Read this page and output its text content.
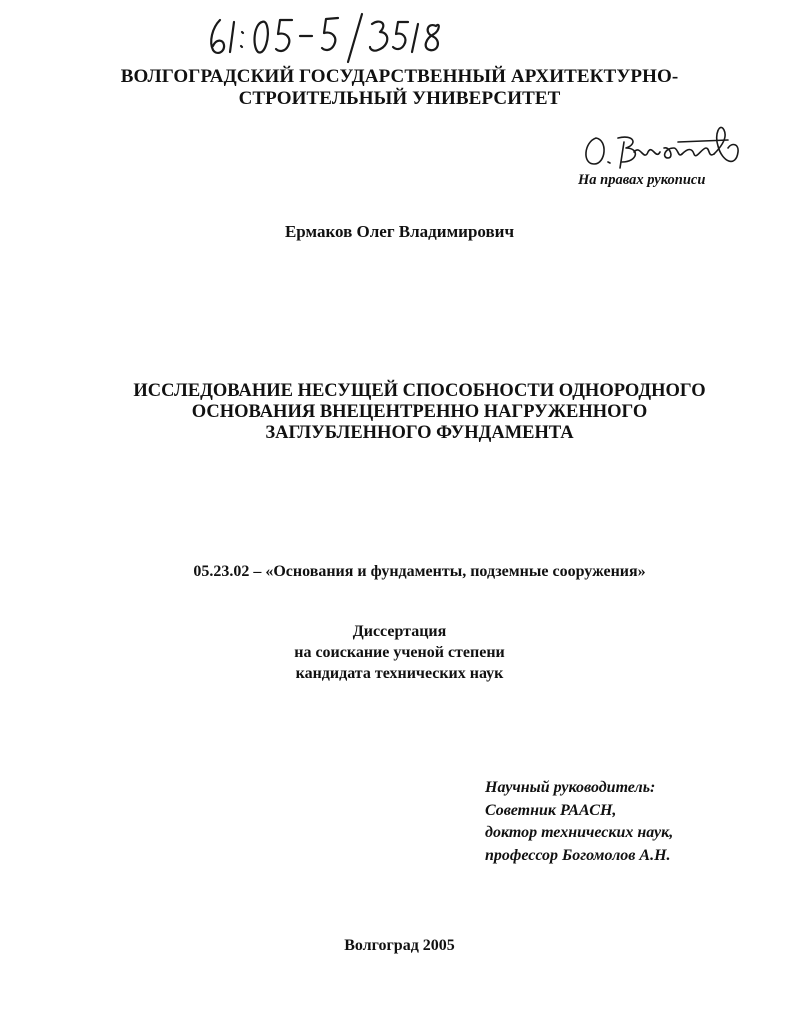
ВОЛГОГРАДСКИЙ ГОСУДАРСТВЕННЫЙ АРХИТЕКТУРНО-
СТРОИТЕЛЬНЫЙ УНИВЕРСИТЕТ
На правах рукописи
Ермаков Олег Владимирович
ИССЛЕДОВАНИЕ НЕСУЩЕЙ СПОСОБНОСТИ ОДНОРОДНОГО
ОСНОВАНИЯ ВНЕЦЕНТРЕННО НАГРУЖЕННОГО
ЗАГЛУБЛЕННОГО ФУНДАМЕНТА
05.23.02 – «Основания и фундаменты, подземные сооружения»
Диссертация
на соискание ученой степени
кандидата технических наук
Научный руководитель:
Советник РААСН,
доктор технических наук,
профессор Богомолов А.Н.
Волгоград 2005
